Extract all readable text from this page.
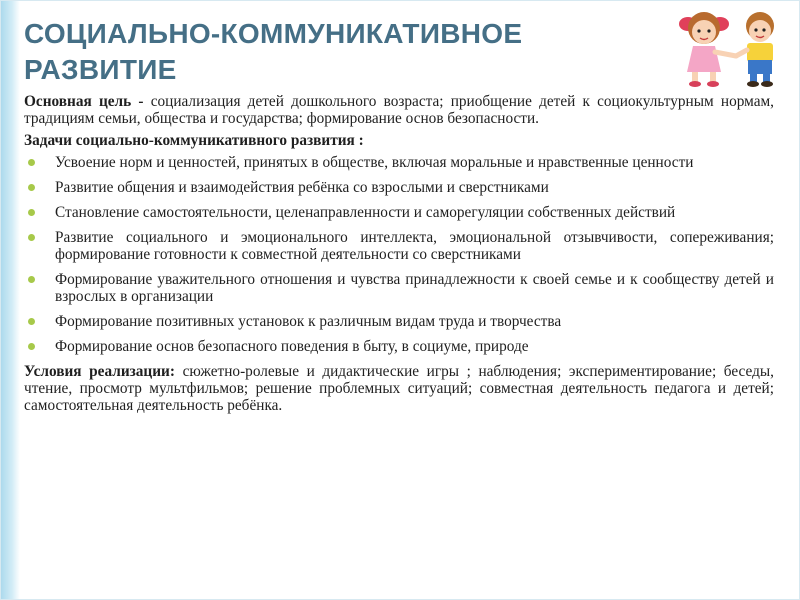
СОЦИАЛЬНО-КОММУНИКАТИВНОЕ РАЗВИТИЕ

Основная цель - социализация детей дошкольного возраста; приобщение детей к социокультурным нормам, традициям семьи, общества и государства; формирование основ безопасности.

Задачи социально-коммуникативного развития :

Усвоение норм и ценностей, принятых в обществе, включая моральные и нравственные ценности
Развитие общения и взаимодействия ребёнка со взрослыми и сверстниками
Становление самостоятельности, целенаправленности и саморегуляции собственных действий
Развитие социального и эмоционального интеллекта, эмоциональной отзывчивости, сопереживания; формирование готовности к совместной деятельности со сверстниками
Формирование уважительного отношения и чувства принадлежности к своей семье и к сообществу детей и взрослых в организации
Формирование позитивных установок к различным видам труда и творчества
Формирование основ безопасного поведения в быту, в социуме, природе

Условия реализации: сюжетно-ролевые и дидактические игры ; наблюдения; экспериментирование; беседы, чтение, просмотр мультфильмов; решение проблемных ситуаций; совместная деятельность педагога и детей; самостоятельная деятельность ребёнка.
